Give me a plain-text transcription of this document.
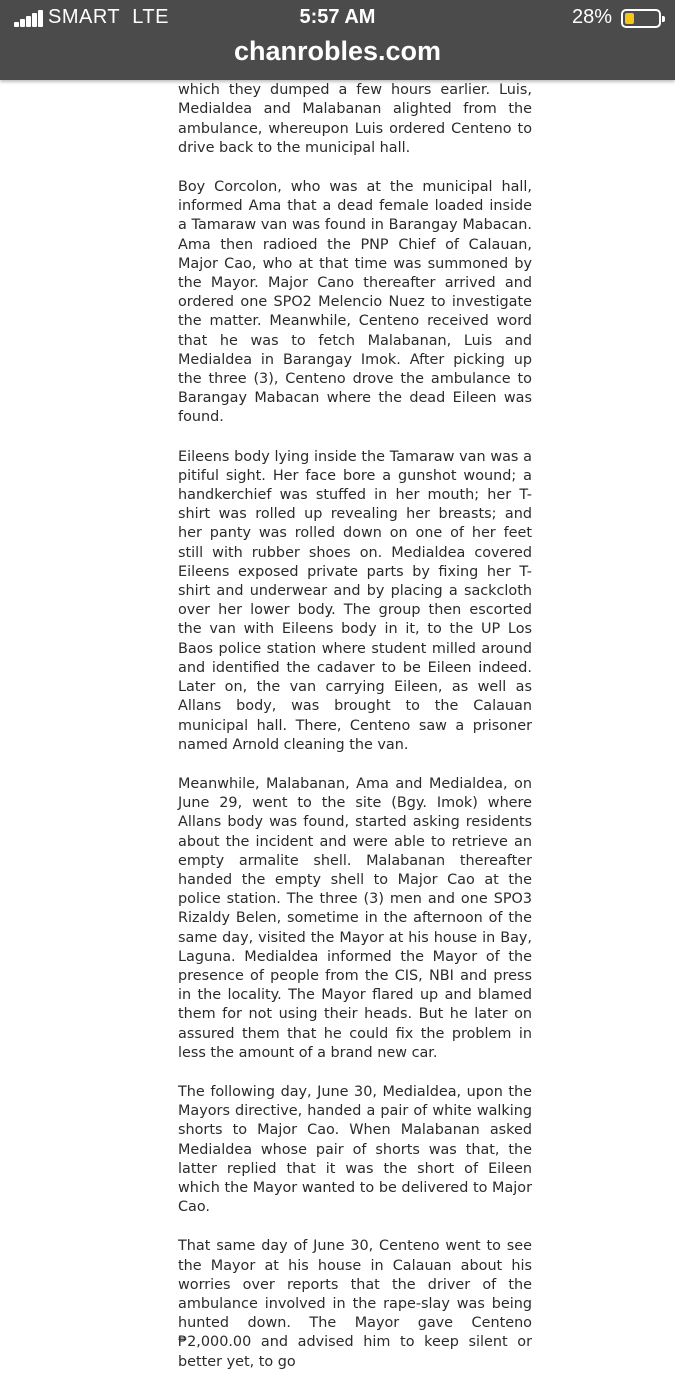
SMART LTE	5:57 AM	28%
chanrobles.com

which they dumped a few hours earlier. Luis, Medialdea and Malabanan alighted from the ambulance, whereupon Luis ordered Centeno to drive back to the municipal hall.

Boy Corcolon, who was at the municipal hall, informed Ama that a dead female loaded inside a Tamaraw van was found in Barangay Mabacan. Ama then radioed the PNP Chief of Calauan, Major Cao, who at that time was summoned by the Mayor. Major Cano thereafter arrived and ordered one SPO2 Melencio Nuez to investigate the matter. Meanwhile, Centeno received word that he was to fetch Malabanan, Luis and Medialdea in Barangay Imok. After picking up the three (3), Centeno drove the ambulance to Barangay Mabacan where the dead Eileen was found.

Eileens body lying inside the Tamaraw van was a pitiful sight. Her face bore a gunshot wound; a handkerchief was stuffed in her mouth; her T-shirt was rolled up revealing her breasts; and her panty was rolled down on one of her feet still with rubber shoes on. Medialdea covered Eileens exposed private parts by fixing her T-shirt and underwear and by placing a sackcloth over her lower body. The group then escorted the van with Eileens body in it, to the UP Los Baos police station where student milled around and identified the cadaver to be Eileen indeed. Later on, the van carrying Eileen, as well as Allans body, was brought to the Calauan municipal hall. There, Centeno saw a prisoner named Arnold cleaning the van.

Meanwhile, Malabanan, Ama and Medialdea, on June 29, went to the site (Bgy. Imok) where Allans body was found, started asking residents about the incident and were able to retrieve an empty armalite shell. Malabanan thereafter handed the empty shell to Major Cao at the police station. The three (3) men and one SPO3 Rizaldy Belen, sometime in the afternoon of the same day, visited the Mayor at his house in Bay, Laguna. Medialdea informed the Mayor of the presence of people from the CIS, NBI and press in the locality. The Mayor flared up and blamed them for not using their heads. But he later on assured them that he could fix the problem in less the amount of a brand new car.

The following day, June 30, Medialdea, upon the Mayors directive, handed a pair of white walking shorts to Major Cao. When Malabanan asked Medialdea whose pair of shorts was that, the latter replied that it was the short of Eileen which the Mayor wanted to be delivered to Major Cao.

That same day of June 30, Centeno went to see the Mayor at his house in Calauan about his worries over reports that the driver of the ambulance involved in the rape-slay was being hunted down. The Mayor gave Centeno ₱2,000.00 and advised him to keep silent or better yet, to go
